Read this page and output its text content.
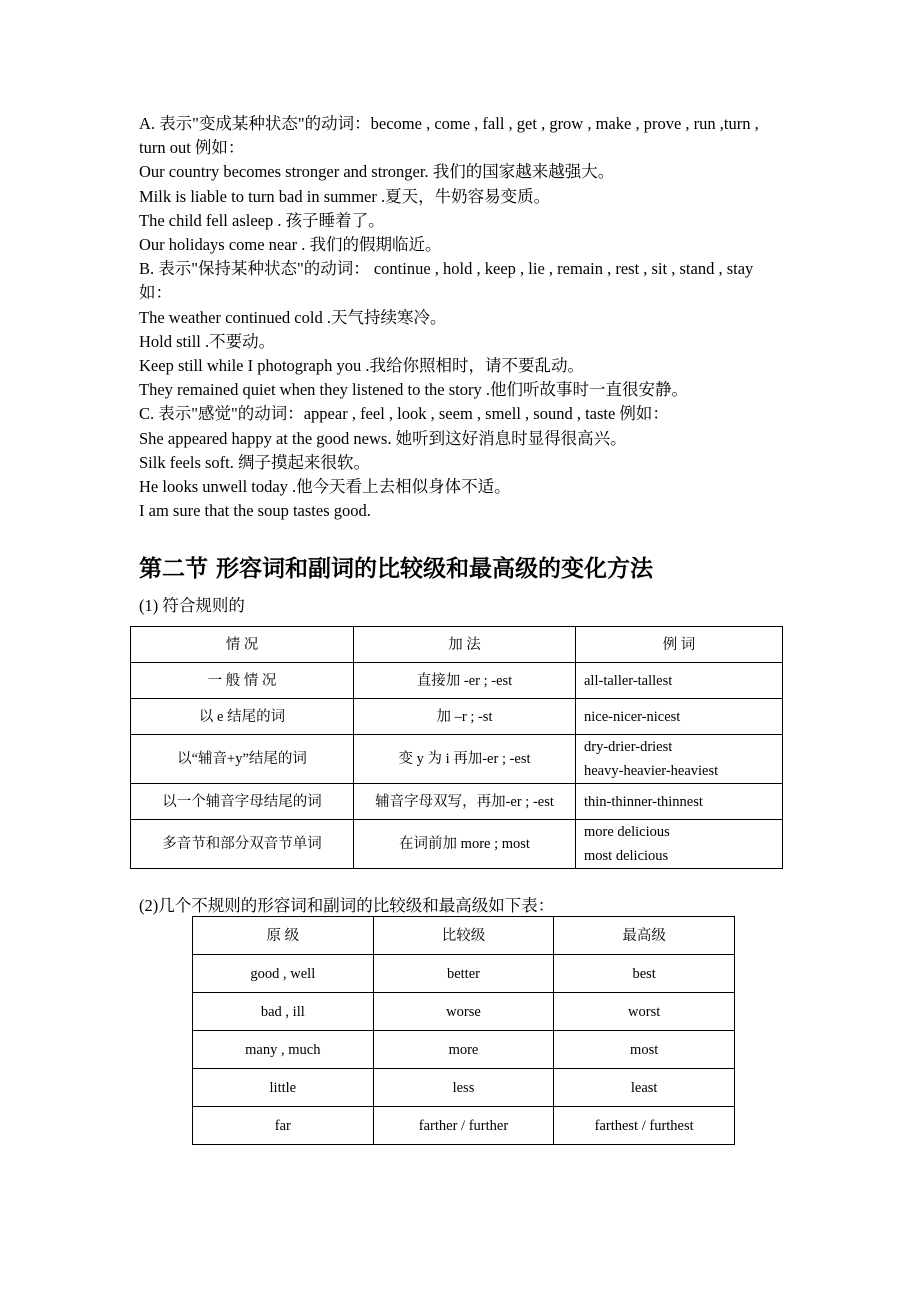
A. 表示"变成某种状态"的动词：become , come , fall , get , grow , make , prove , run ,turn , turn out 例如：

Our country becomes stronger and stronger. 我们的国家越来越强大。

Milk is liable to turn bad in summer .夏天，牛奶容易变质。

The child fell asleep . 孩子睡着了。

Our holidays come near . 我们的假期临近。

B. 表示"保持某种状态"的动词： continue , hold , keep , lie , remain , rest , sit , stand , stay 如：

The weather continued cold .天气持续寒冷。

Hold still .不要动。

Keep still while I photograph you .我给你照相时，请不要乱动。

They remained quiet when they listened to the story .他们听故事时一直很安静。

C. 表示"感觉"的动词：appear , feel , look , seem , smell , sound , taste 例如：

She appeared happy at the good news. 她听到这好消息时显得很高兴。

Silk feels soft. 绸子摸起来很软。

He looks unwell today .他今天看上去相似身体不适。

I am sure that the soup tastes good.

第二节 形容词和副词的比较级和最高级的变化方法
(1) 符合规则的
情 况	加 法	例 词
一 般 情 况	直接加 -er ; -est	all-taller-tallest

以 e 结尾的词	加 –r ; -st	nice-nicer-nicest

以“辅音+y”结尾的词	变 y 为 i 再加-er ; -est	dry-drier-driest
heavy-heavier-heaviest

以一个辅音字母结尾的词	辅音字母双写，再加-er ; -est	thin-thinner-thinnest

多音节和部分双音节单词	在词前加 more ; most	more delicious
most delicious
(2)几个不规则的形容词和副词的比较级和最高级如下表：
原 级	比较级	最高级
good , well	better	best
bad , ill	worse	worst
many , much	more	most
little	less	least
far	farther / further	farthest / furthest
